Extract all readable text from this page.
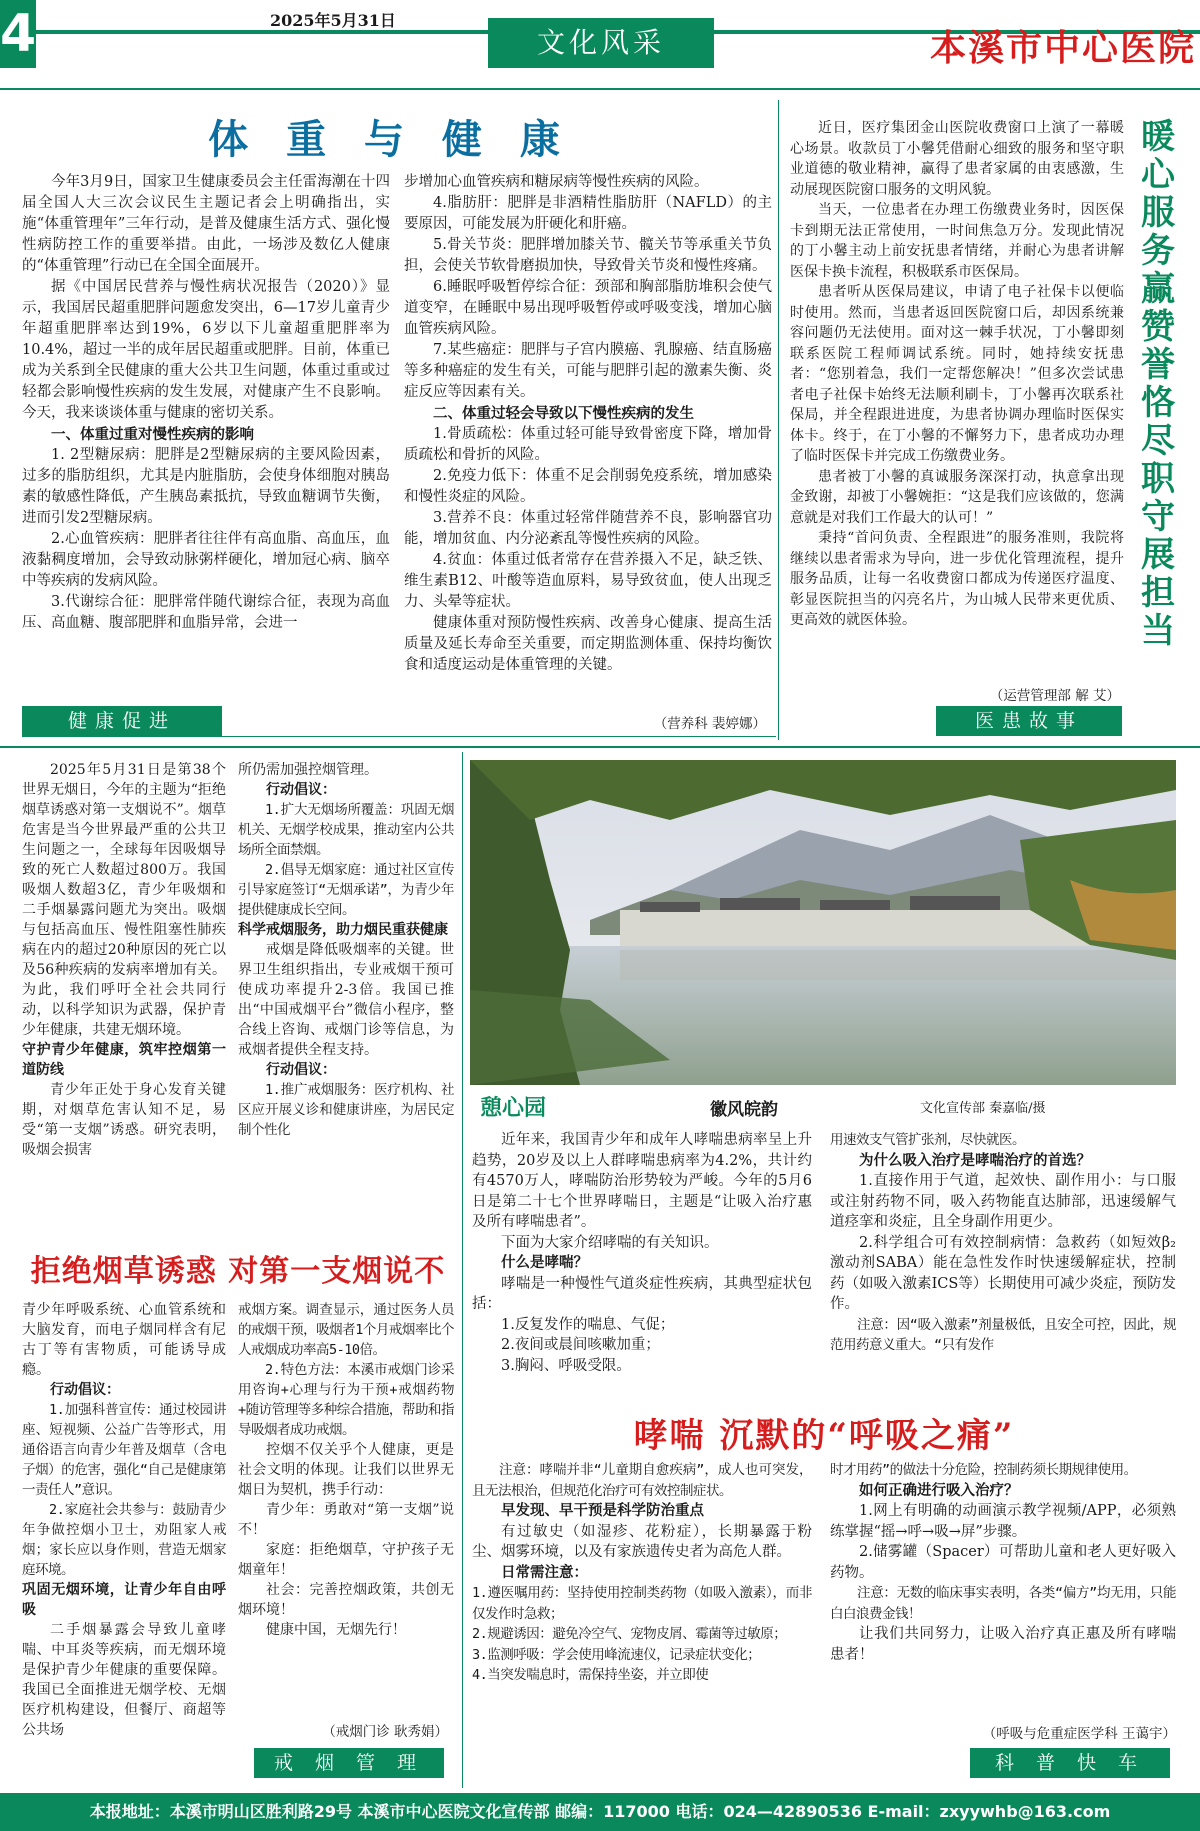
4	2025年5月31日
文化风采	本溪市中心医院
体 重 与 健 康

今年3月9日，国家卫生健康委员会主任雷海潮在十四届全国人大三次会议民生主题记者会上明确指出，实施“体重管理年”三年行动，是普及健康生活方式、强化慢性病防控工作的重要举措。由此，一场涉及数亿人健康的“体重管理”行动已在全国全面展开。

据《中国居民营养与慢性病状况报告（2020）》显示，我国居民超重肥胖问题愈发突出，6—17岁儿童青少年超重肥胖率达到19%，6岁以下儿童超重肥胖率为10.4%，超过一半的成年居民超重或肥胖。目前，体重已成为关系到全民健康的重大公共卫生问题，体重过重或过轻都会影响慢性疾病的发生发展，对健康产生不良影响。今天，我来谈谈体重与健康的密切关系。

一、体重过重对慢性疾病的影响

1. 2型糖尿病：肥胖是2型糖尿病的主要风险因素，过多的脂肪组织，尤其是内脏脂肪，会使身体细胞对胰岛素的敏感性降低，产生胰岛素抵抗，导致血糖调节失衡，进而引发2型糖尿病。

2.心血管疾病：肥胖者往往伴有高血脂、高血压，血液黏稠度增加，会导致动脉粥样硬化，增加冠心病、脑卒中等疾病的发病风险。

3.代谢综合征：肥胖常伴随代谢综合征，表现为高血压、高血糖、腹部肥胖和血脂异常，会进一

步增加心血管疾病和糖尿病等慢性疾病的风险。

4.脂肪肝：肥胖是非酒精性脂肪肝（NAFLD）的主要原因，可能发展为肝硬化和肝癌。

5.骨关节炎：肥胖增加膝关节、髋关节等承重关节负担，会使关节软骨磨损加快，导致骨关节炎和慢性疼痛。

6.睡眠呼吸暂停综合征：颈部和胸部脂肪堆积会使气道变窄，在睡眠中易出现呼吸暂停或呼吸变浅，增加心脑血管疾病风险。

7.某些癌症：肥胖与子宫内膜癌、乳腺癌、结直肠癌等多种癌症的发生有关，可能与肥胖引起的激素失衡、炎症反应等因素有关。

二、体重过轻会导致以下慢性疾病的发生

1.骨质疏松：体重过轻可能导致骨密度下降，增加骨质疏松和骨折的风险。

2.免疫力低下：体重不足会削弱免疫系统，增加感染和慢性炎症的风险。

3.营养不良：体重过轻常伴随营养不良，影响器官功能，增加贫血、内分泌紊乱等慢性疾病的风险。

4.贫血：体重过低者常存在营养摄入不足，缺乏铁、维生素B12、叶酸等造血原料，易导致贫血，使人出现乏力、头晕等症状。

健康体重对预防慢性疾病、改善身心健康、提高生活质量及延长寿命至关重要，而定期监测体重、保持均衡饮食和适度运动是体重管理的关键。

（营养科 裴婷娜）
健康促进

近日，医疗集团金山医院收费窗口上演了一幕暖心场景。收款员丁小馨凭借耐心细致的服务和坚守职业道德的敬业精神，赢得了患者家属的由衷感激，生动展现医院窗口服务的文明风貌。

当天，一位患者在办理工伤缴费业务时，因医保卡到期无法正常使用，一时间焦急万分。发现此情况的丁小馨主动上前安抚患者情绪，并耐心为患者讲解医保卡换卡流程，积极联系市医保局。

患者听从医保局建议，申请了电子社保卡以便临时使用。然而，当患者返回医院窗口后，却因系统兼容问题仍无法使用。面对这一棘手状况，丁小馨即刻联系医院工程师调试系统。同时，她持续安抚患者：“您别着急，我们一定帮您解决！”但多次尝试患者电子社保卡始终无法顺利刷卡，丁小馨再次联系社保局，并全程跟进进度，为患者协调办理临时医保实体卡。终于，在丁小馨的不懈努力下，患者成功办理了临时医保卡并完成工伤缴费业务。

患者被丁小馨的真诚服务深深打动，执意拿出现金致谢，却被丁小馨婉拒：“这是我们应该做的，您满意就是对我们工作最大的认可！”

秉持“首问负责、全程跟进”的服务准则，我院将继续以患者需求为导向，进一步优化管理流程，提升服务品质，让每一名收费窗口都成为传递医疗温度、彰显医院担当的闪亮名片，为山城人民带来更优质、更高效的就医体验。

暖心服务赢赞誉 恪尽职守展担当
（运营管理部 解 艾）
医患故事

2025年5月31日是第38个世界无烟日，今年的主题为“拒绝烟草诱惑对第一支烟说不”。烟草危害是当今世界最严重的公共卫生问题之一，全球每年因吸烟导致的死亡人数超过800万。我国吸烟人数超3亿，青少年吸烟和二手烟暴露问题尤为突出。吸烟与包括高血压、慢性阻塞性肺疾病在内的超过20种原因的死亡以及56种疾病的发病率增加有关。为此，我们呼吁全社会共同行动，以科学知识为武器，保护青少年健康，共建无烟环境。

守护青少年健康，筑牢控烟第一道防线

青少年正处于身心发育关键期，对烟草危害认知不足，易受“第一支烟”诱惑。研究表明，吸烟会损害

所仍需加强控烟管理。

行动倡议：

1.扩大无烟场所覆盖：巩固无烟机关、无烟学校成果，推动室内公共场所全面禁烟。

2.倡导无烟家庭：通过社区宣传引导家庭签订“无烟承诺”，为青少年提供健康成长空间。

科学戒烟服务，助力烟民重获健康

戒烟是降低吸烟率的关键。世界卫生组织指出，专业戒烟干预可使成功率提升2-3倍。我国已推出“中国戒烟平台”微信小程序，整合线上咨询、戒烟门诊等信息，为戒烟者提供全程支持。

行动倡议：

1.推广戒烟服务：医疗机构、社区应开展义诊和健康讲座，为居民定制个性化

拒绝烟草诱惑 对第一支烟说不

青少年呼吸系统、心血管系统和大脑发育，而电子烟同样含有尼古丁等有害物质，可能诱导成瘾。

行动倡议：

1.加强科普宣传：通过校园讲座、短视频、公益广告等形式，用通俗语言向青少年普及烟草（含电子烟）的危害，强化“自己是健康第一责任人”意识。

2.家庭社会共参与：鼓励青少年争做控烟小卫士，劝阻家人戒烟；家长应以身作则，营造无烟家庭环境。

巩固无烟环境，让青少年自由呼吸

二手烟暴露会导致儿童哮喘、中耳炎等疾病，而无烟环境是保护青少年健康的重要保障。我国已全面推进无烟学校、无烟医疗机构建设，但餐厅、商超等公共场

戒烟方案。调查显示，通过医务人员的戒烟干预，吸烟者1个月戒烟率比个人戒烟成功率高5-10倍。

2.特色方法：本溪市戒烟门诊采用咨询+心理与行为干预+戒烟药物+随访管理等多种综合措施，帮助和指导吸烟者成功戒烟。

控烟不仅关乎个人健康，更是社会文明的体现。让我们以世界无烟日为契机，携手行动：

青少年：勇敢对“第一支烟”说不！

家庭：拒绝烟草，守护孩子无烟童年！

社会：完善控烟政策，共创无烟环境！

健康中国，无烟先行！

（戒烟门诊 耿秀娟）
戒 烟 管 理
憩心园	徽风皖韵	文化宣传部 秦嘉临/摄

近年来，我国青少年和成年人哮喘患病率呈上升趋势，20岁及以上人群哮喘患病率为4.2%，共计约有4570万人，哮喘防治形势较为严峻。今年的5月6日是第二十七个世界哮喘日，主题是“让吸入治疗惠及所有哮喘患者”。

下面为大家介绍哮喘的有关知识。

什么是哮喘？

哮喘是一种慢性气道炎症性疾病，其典型症状包括：

1.反复发作的喘息、气促；

2.夜间或晨间咳嗽加重；

3.胸闷、呼吸受限。

用速效支气管扩张剂，尽快就医。

为什么吸入治疗是哮喘治疗的首选？

1.直接作用于气道，起效快、副作用小：与口服或注射药物不同，吸入药物能直达肺部，迅速缓解气道痉挛和炎症，且全身副作用更少。

2.科学组合可有效控制病情：急救药（如短效β₂激动剂SABA）能在急性发作时快速缓解症状，控制药（如吸入激素ICS等）长期使用可减少炎症，预防发作。

注意：因“吸入激素”剂量极低，且安全可控，因此，规范用药意义重大。“只有发作

哮喘 沉默的“呼吸之痛”

注意：哮喘并非“儿童期自愈疾病”，成人也可突发，且无法根治，但规范化治疗可有效控制症状。

早发现、早干预是科学防治重点

有过敏史（如湿疹、花粉症），长期暴露于粉尘、烟雾环境，以及有家族遗传史者为高危人群。

日常需注意：

1.遵医嘱用药：坚持使用控制类药物（如吸入激素），而非仅发作时急救；

2.规避诱因：避免冷空气、宠物皮屑、霉菌等过敏原；

3.监测呼吸：学会使用峰流速仪，记录症状变化；

4.当突发喘息时，需保持坐姿，并立即使

时才用药”的做法十分危险，控制药须长期规律使用。

如何正确进行吸入治疗？

1.网上有明确的动画演示教学视频/APP，必须熟练掌握“摇→呼→吸→屏”步骤。

2.储雾罐（Spacer）可帮助儿童和老人更好吸入药物。

注意：无数的临床事实表明，各类“偏方”均无用，只能白白浪费金钱！

让我们共同努力，让吸入治疗真正惠及所有哮喘患者！

（呼吸与危重症医学科 王蔼宇）
科 普 快 车
本报地址：本溪市明山区胜利路29号 本溪市中心医院文化宣传部 邮编：117000 电话：024—42890536 E-mail：zxyywhb@163.com
